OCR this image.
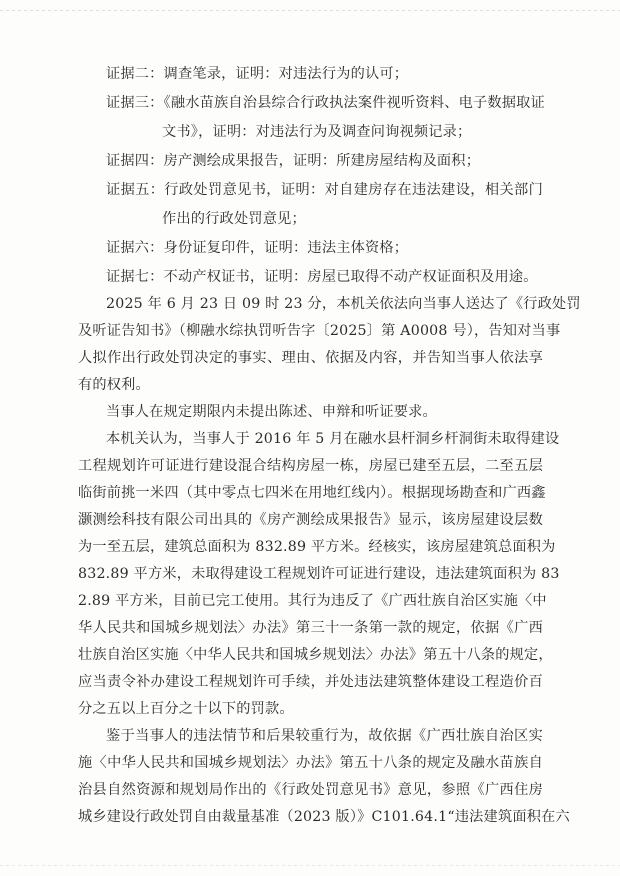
证据二：调查笔录，证明：对违法行为的认可；
证据三：《融水苗族自治县综合行政执法案件视听资料、电子数据取证
文书》，证明：对违法行为及调查问询视频记录；
证据四：房产测绘成果报告，证明：所建房屋结构及面积；
证据五：行政处罚意见书，证明：对自建房存在违法建设，相关部门
作出的行政处罚意见；
证据六：身份证复印件，证明：违法主体资格；
证据七：不动产权证书，证明：房屋已取得不动产权证面积及用途。
2025 年 6 月 23 日 09 时 23 分，本机关依法向当事人送达了《行政处罚
及听证告知书》（柳融水综执罚听告字〔2025〕第 A0008 号），告知对当事
人拟作出行政处罚决定的事实、理由、依据及内容，并告知当事人依法享
有的权利。
当事人在规定期限内未提出陈述、申辩和听证要求。
本机关认为，当事人于 2016 年 5 月在融水县杆洞乡杆洞街未取得建设
工程规划许可证进行建设混合结构房屋一栋，房屋已建至五层，二至五层
临街前挑一米四（其中零点七四米在用地红线内）。根据现场勘查和广西鑫
灏测绘科技有限公司出具的《房产测绘成果报告》显示，该房屋建设层数
为一至五层，建筑总面积为 832.89 平方米。经核实，该房屋建筑总面积为
832.89 平方米，未取得建设工程规划许可证进行建设，违法建筑面积为 83
2.89 平方米，目前已完工使用。其行为违反了《广西壮族自治区实施〈中
华人民共和国城乡规划法〉办法》第三十一条第一款的规定，依据《广西
壮族自治区实施〈中华人民共和国城乡规划法〉办法》第五十八条的规定，
应当责令补办建设工程规划许可手续，并处违法建筑整体建设工程造价百
分之五以上百分之十以下的罚款。
鉴于当事人的违法情节和后果较重行为，故依据《广西壮族自治区实
施〈中华人民共和国城乡规划法〉办法》第五十八条的规定及融水苗族自
治县自然资源和规划局作出的《行政处罚意见书》意见，参照《广西住房
城乡建设行政处罚自由裁量基准（2023 版）》C101.64.1“违法建筑面积在六
